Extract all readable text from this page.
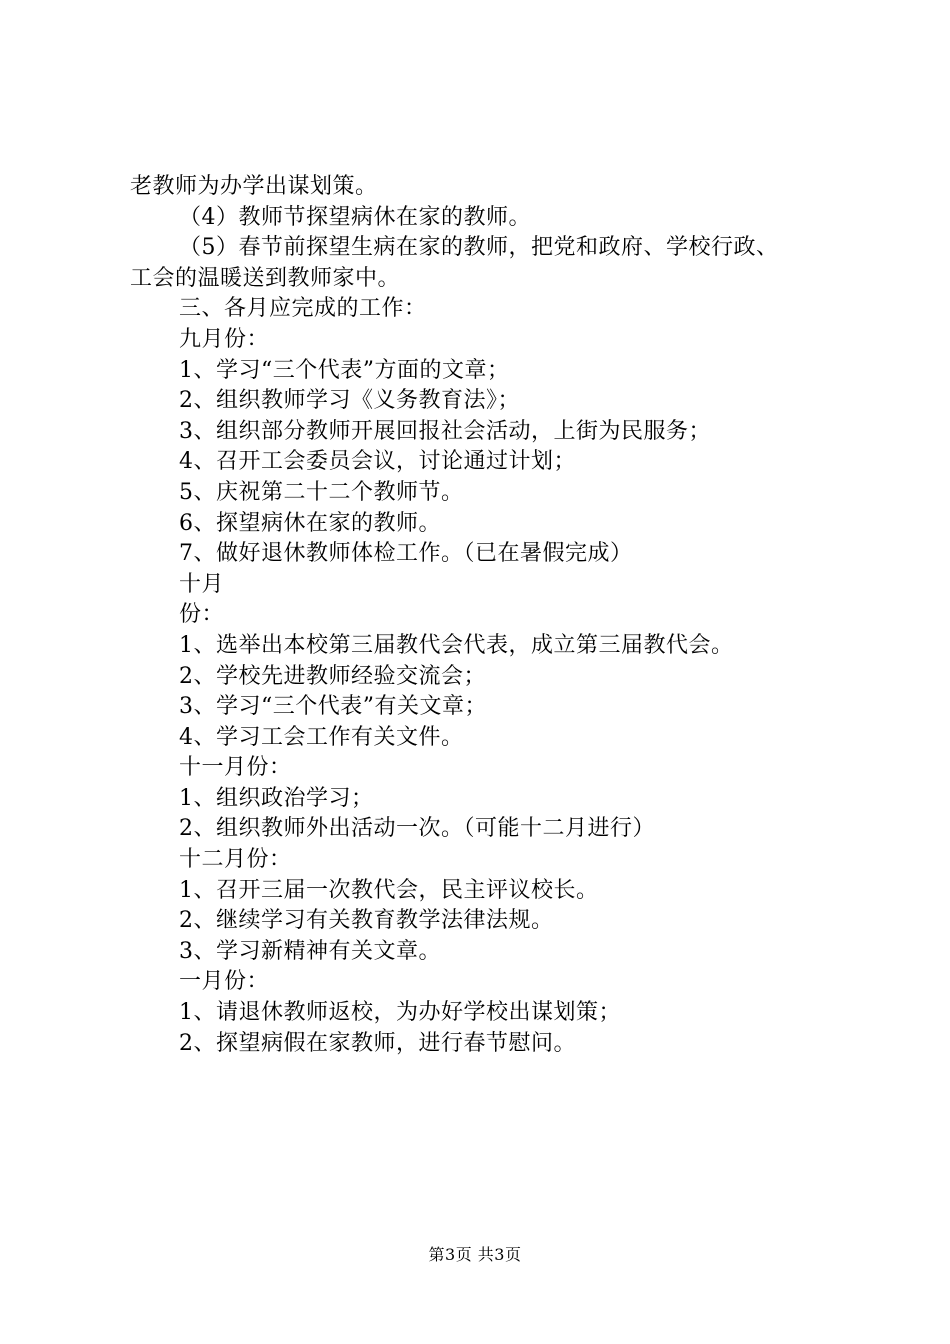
老教师为办学出谋划策。
（4）教师节探望病休在家的教师。
（5）春节前探望生病在家的教师，把党和政府、学校行政、
工会的温暖送到教师家中。
三、各月应完成的工作：
九月份：
1、学习“三个代表”方面的文章；
2、组织教师学习《义务教育法》；
3、组织部分教师开展回报社会活动，上街为民服务；
4、召开工会委员会议，讨论通过计划；
5、庆祝第二十二个教师节。
6、探望病休在家的教师。
7、做好退休教师体检工作。（已在暑假完成）
十月
份：
1、选举出本校第三届教代会代表，成立第三届教代会。
2、学校先进教师经验交流会；
3、学习“三个代表”有关文章；
4、学习工会工作有关文件。
十一月份：
1、组织政治学习；
2、组织教师外出活动一次。（可能十二月进行）
十二月份：
1、召开三届一次教代会，民主评议校长。
2、继续学习有关教育教学法律法规。
3、学习新精神有关文章。
一月份：
1、请退休教师返校，为办好学校出谋划策；
2、探望病假在家教师，进行春节慰问。
第3页 共3页
